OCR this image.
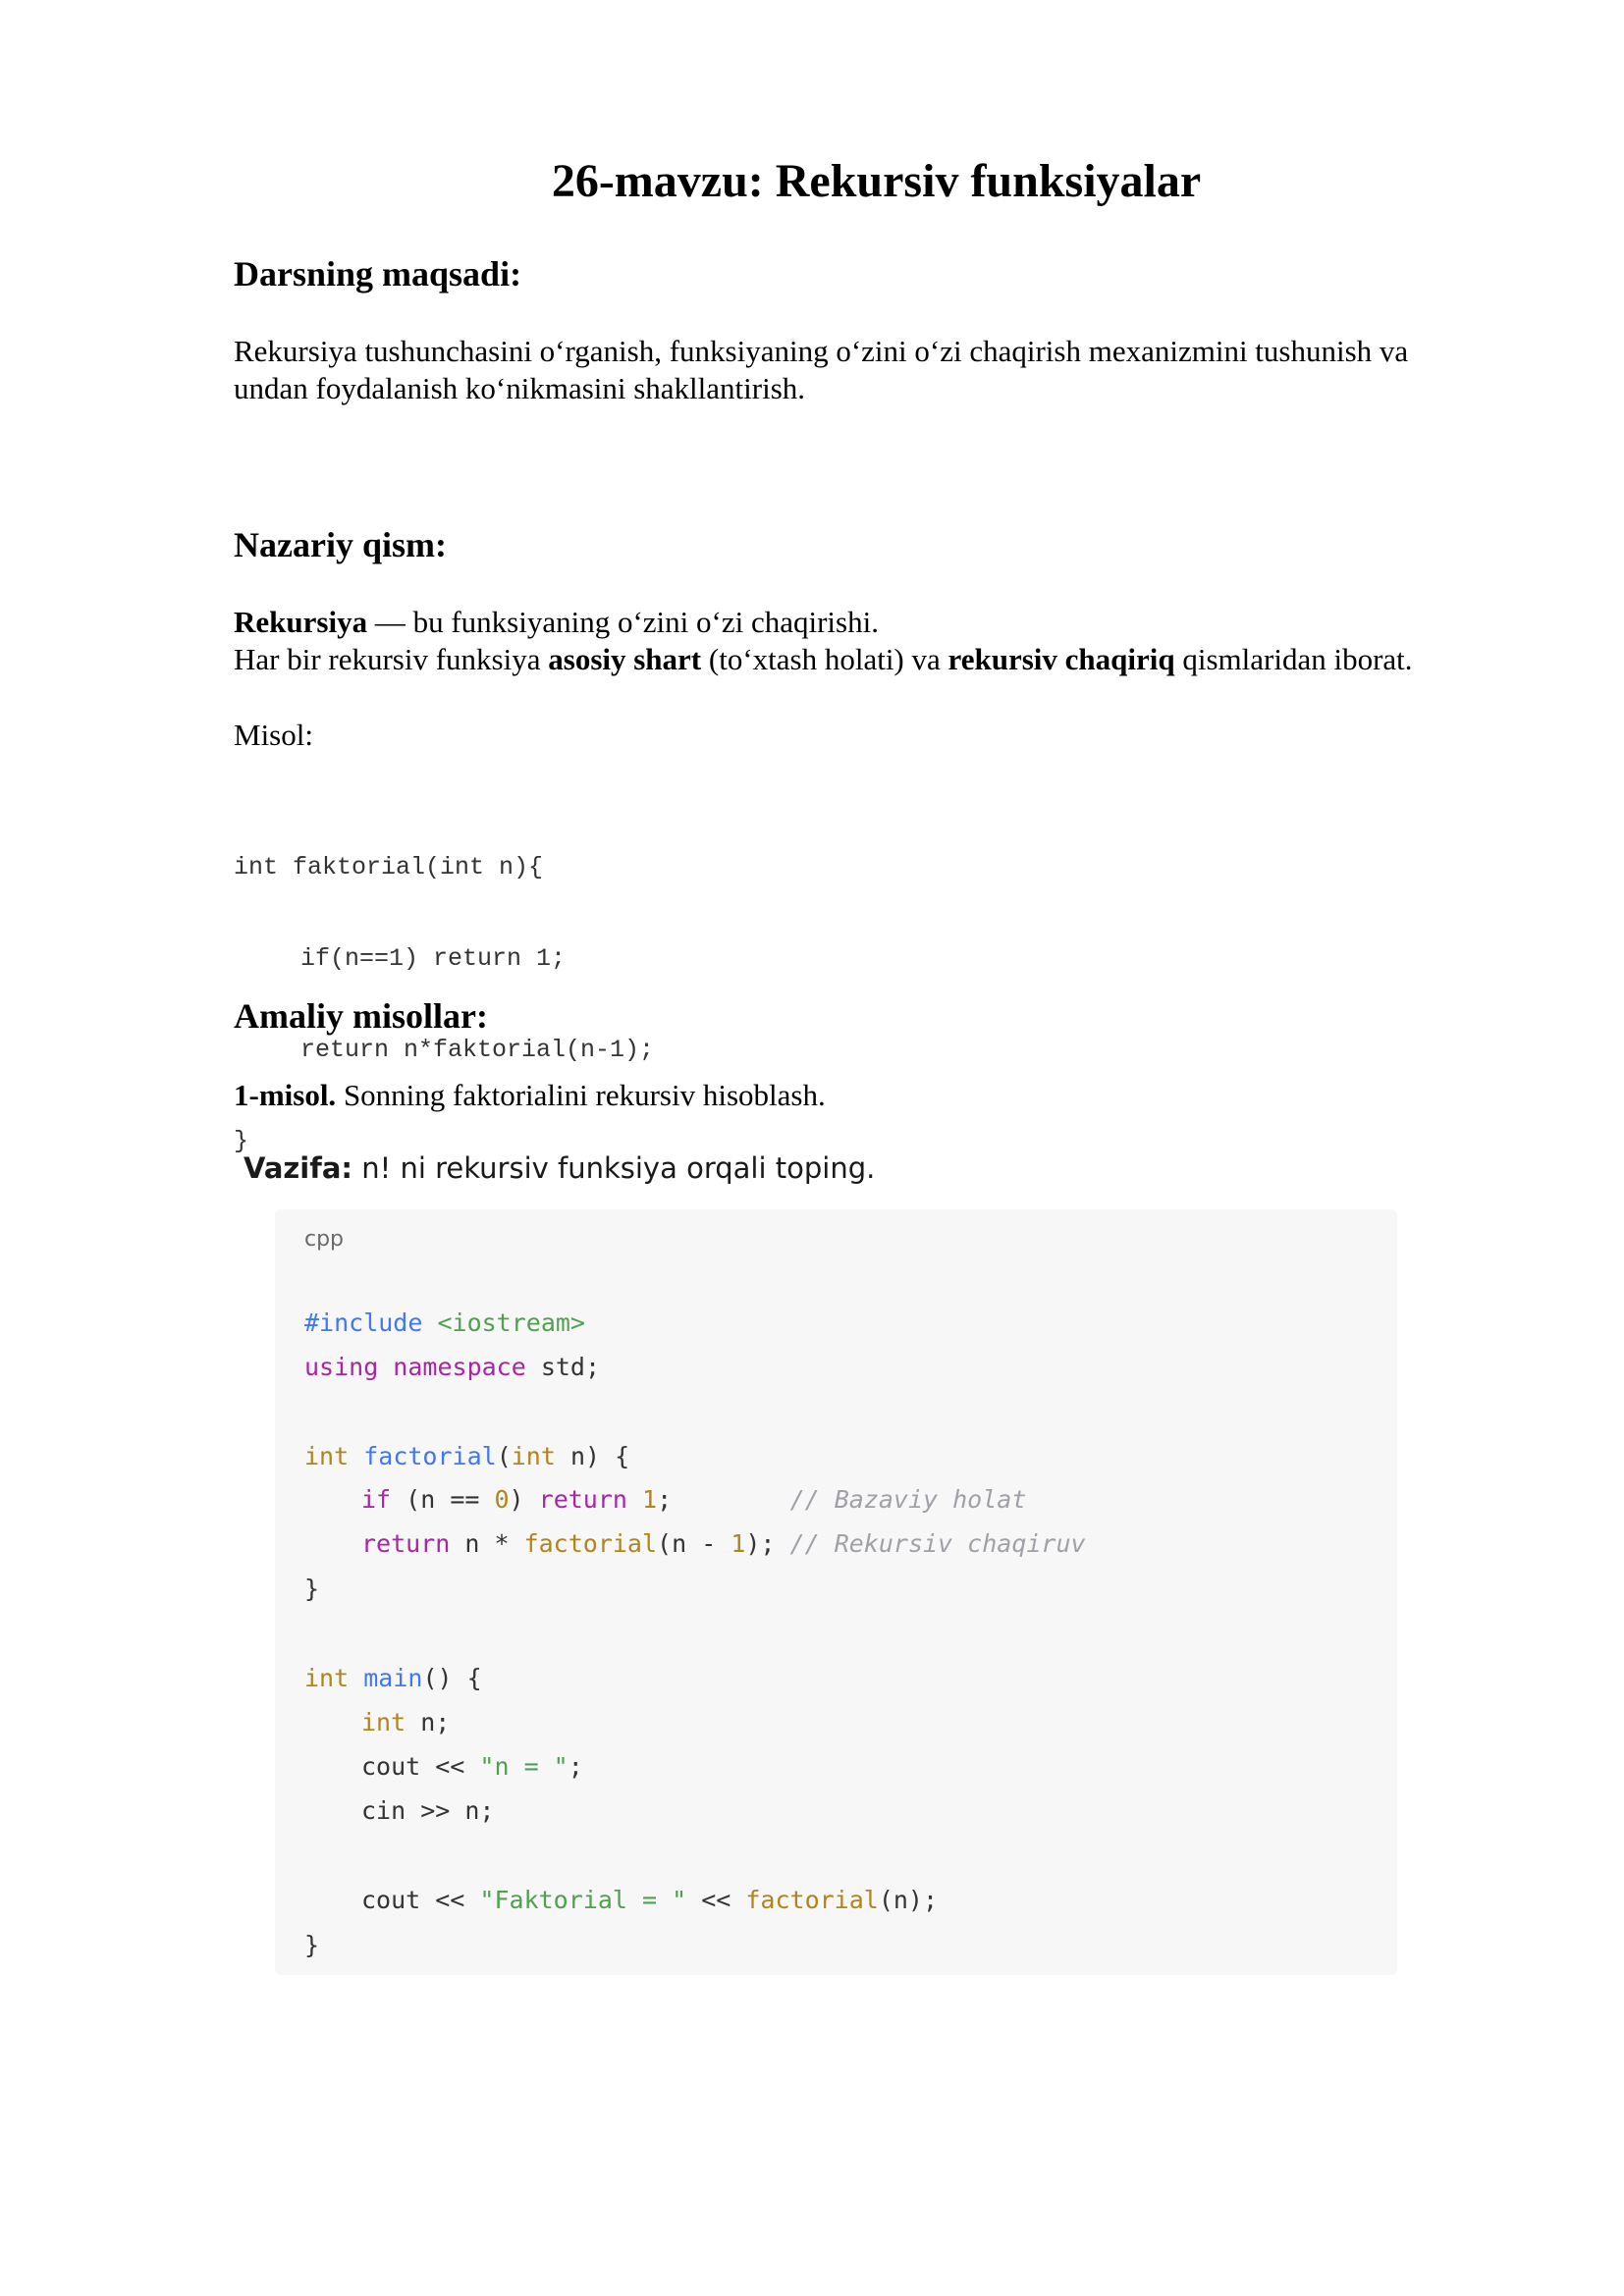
26-mavzu: Rekursiv funksiyalar
Darsning maqsadi:

Rekursiya tushunchasini o‘rganish, funksiyaning o‘zini o‘zi chaqirish mexanizmini tushunish va
undan foydalanish ko‘nikmasini shakllantirish.

Nazariy qism:

Rekursiya — bu funksiyaning o‘zini o‘zi chaqirishi.
Har bir rekursiv funksiya asosiy shart (to‘xtash holati) va rekursiv chaqiriq qismlaridan iborat.

Misol:

int faktorial(int n){

if(n==1) return 1;

return n*faktorial(n-1);

}

Amaliy misollar:

1-misol. Sonning faktorialini rekursiv hisoblash.

Vazifa: n! ni rekursiv funksiya orqali toping.

cpp

#include <iostream>

using namespace std;

int factorial(int n) {

if (n == 0) return 1;	// Bazaviy holat

return n * factorial(n - 1); // Rekursiv chaqiruv

}

int main() {

int n;

cout << "n = ";

cin >> n;

cout << "Faktorial = " << factorial(n);

}
